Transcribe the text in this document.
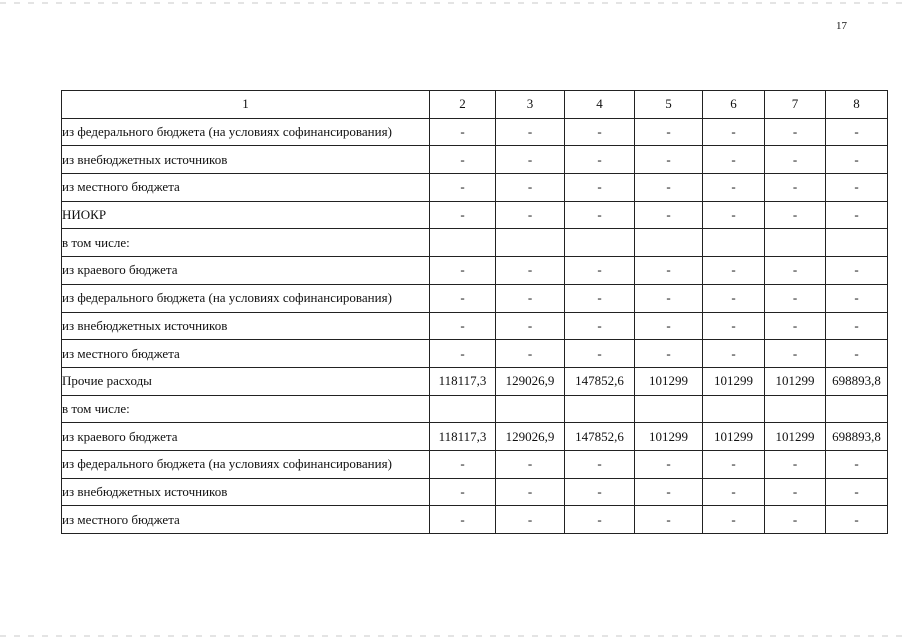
17
1	2	3	4	5	6	7	8
из федерального бюджета (на условиях софинансирования)	-	-	-	-	-	-	-
из внебюджетных источников	-	-	-	-	-	-	-
из местного бюджета	-	-	-	-	-	-	-
НИОКР	-	-	-	-	-	-	-
в том числе:							
из краевого бюджета	-	-	-	-	-	-	-
из федерального бюджета (на условиях софинансирования)	-	-	-	-	-	-	-
из внебюджетных источников	-	-	-	-	-	-	-
из местного бюджета	-	-	-	-	-	-	-
Прочие расходы	118117,3	129026,9	147852,6	101299	101299	101299	698893,8
в том числе:							
из краевого бюджета	118117,3	129026,9	147852,6	101299	101299	101299	698893,8
из федерального бюджета (на условиях софинансирования)	-	-	-	-	-	-	-
из внебюджетных источников	-	-	-	-	-	-	-
из местного бюджета	-	-	-	-	-	-	-
